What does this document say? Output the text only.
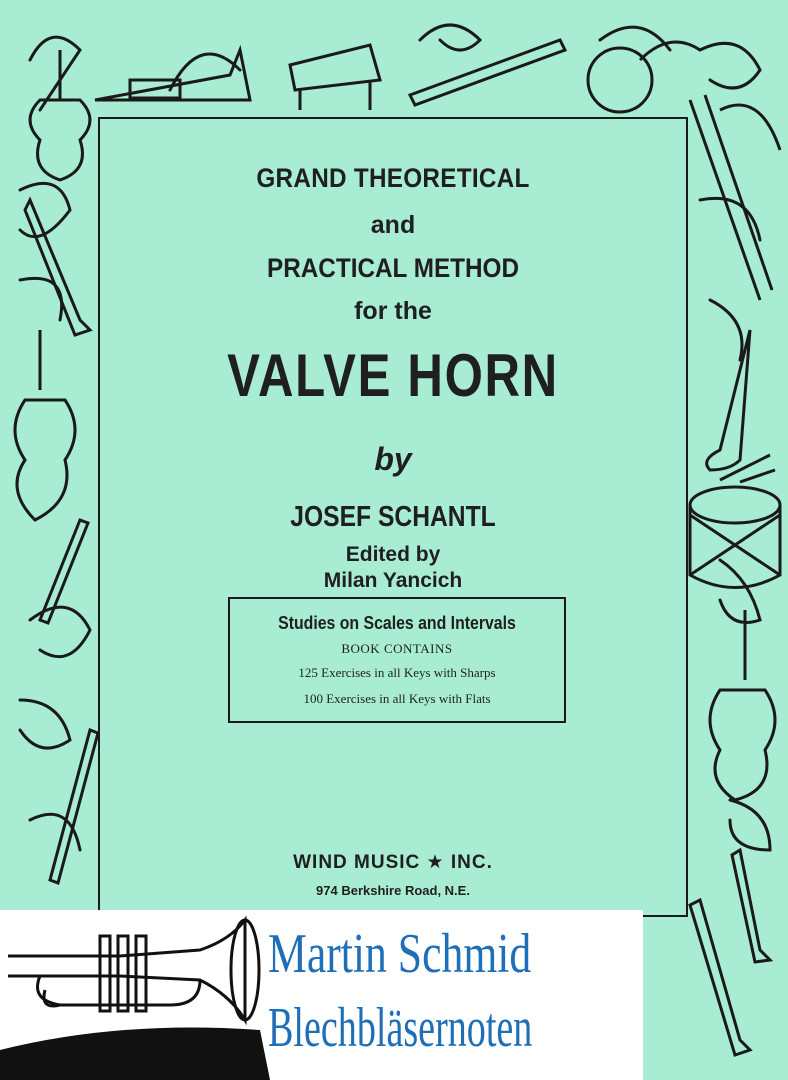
GRAND THEORETICAL

and

PRACTICAL METHOD

for the

VALVE HORN

by

JOSEF SCHANTL

Edited by

Milan Yancich

Studies on Scales and Intervals

BOOK CONTAINS

125 Exercises in all Keys with Sharps

100 Exercises in all Keys with Flats

WIND MUSIC ★ INC.

974 Berkshire Road, N.E.

Martin Schmid

Blechbläsernoten
